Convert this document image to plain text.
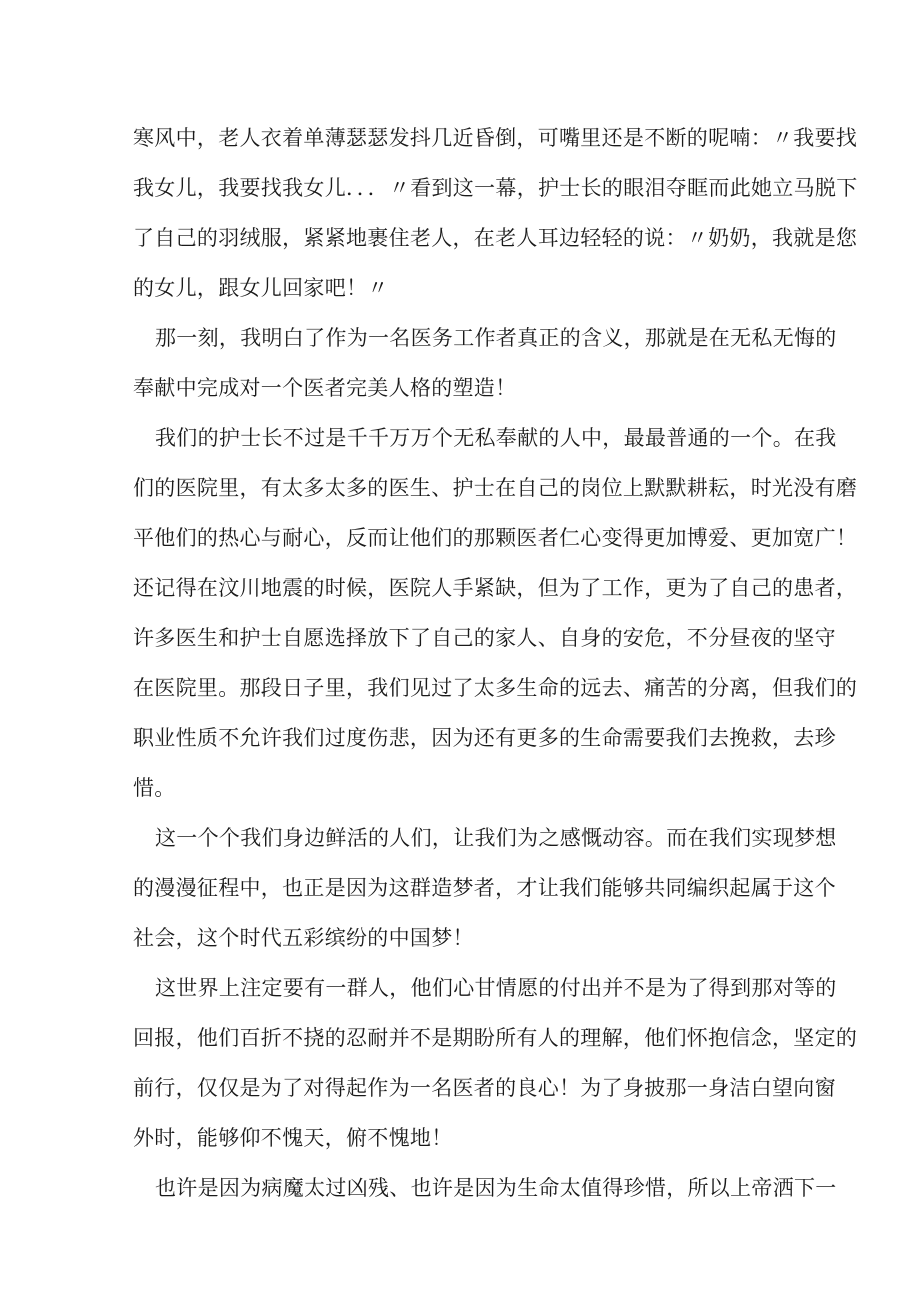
寒风中，老人衣着单薄瑟瑟发抖几近昏倒，可嘴里还是不断的呢喃：〃我要找
我女儿，我要找我女儿．．．〃看到这一幕，护士长的眼泪夺眶而此她立马脱下
了自己的羽绒服，紧紧地裹住老人，在老人耳边轻轻的说：〃奶奶，我就是您
的女儿，跟女儿回家吧！〃
那一刻，我明白了作为一名医务工作者真正的含义，那就是在无私无悔的
奉献中完成对一个医者完美人格的塑造！
我们的护士长不过是千千万万个无私奉献的人中，最最普通的一个。在我
们的医院里，有太多太多的医生、护士在自己的岗位上默默耕耘，时光没有磨
平他们的热心与耐心，反而让他们的那颗医者仁心变得更加博爱、更加宽广！
还记得在汶川地震的时候，医院人手紧缺，但为了工作，更为了自己的患者，
许多医生和护士自愿选择放下了自己的家人、自身的安危，不分昼夜的坚守
在医院里。那段日子里，我们见过了太多生命的远去、痛苦的分离，但我们的
职业性质不允许我们过度伤悲，因为还有更多的生命需要我们去挽救，去珍
惜。
这一个个我们身边鲜活的人们，让我们为之感慨动容。而在我们实现梦想
的漫漫征程中，也正是因为这群造梦者，才让我们能够共同编织起属于这个
社会，这个时代五彩缤纷的中国梦！
这世界上注定要有一群人，他们心甘情愿的付出并不是为了得到那对等的
回报，他们百折不挠的忍耐并不是期盼所有人的理解，他们怀抱信念，坚定的
前行，仅仅是为了对得起作为一名医者的良心！为了身披那一身洁白望向窗
外时，能够仰不愧天，俯不愧地！
也许是因为病魔太过凶残、也许是因为生命太值得珍惜，所以上帝洒下一
